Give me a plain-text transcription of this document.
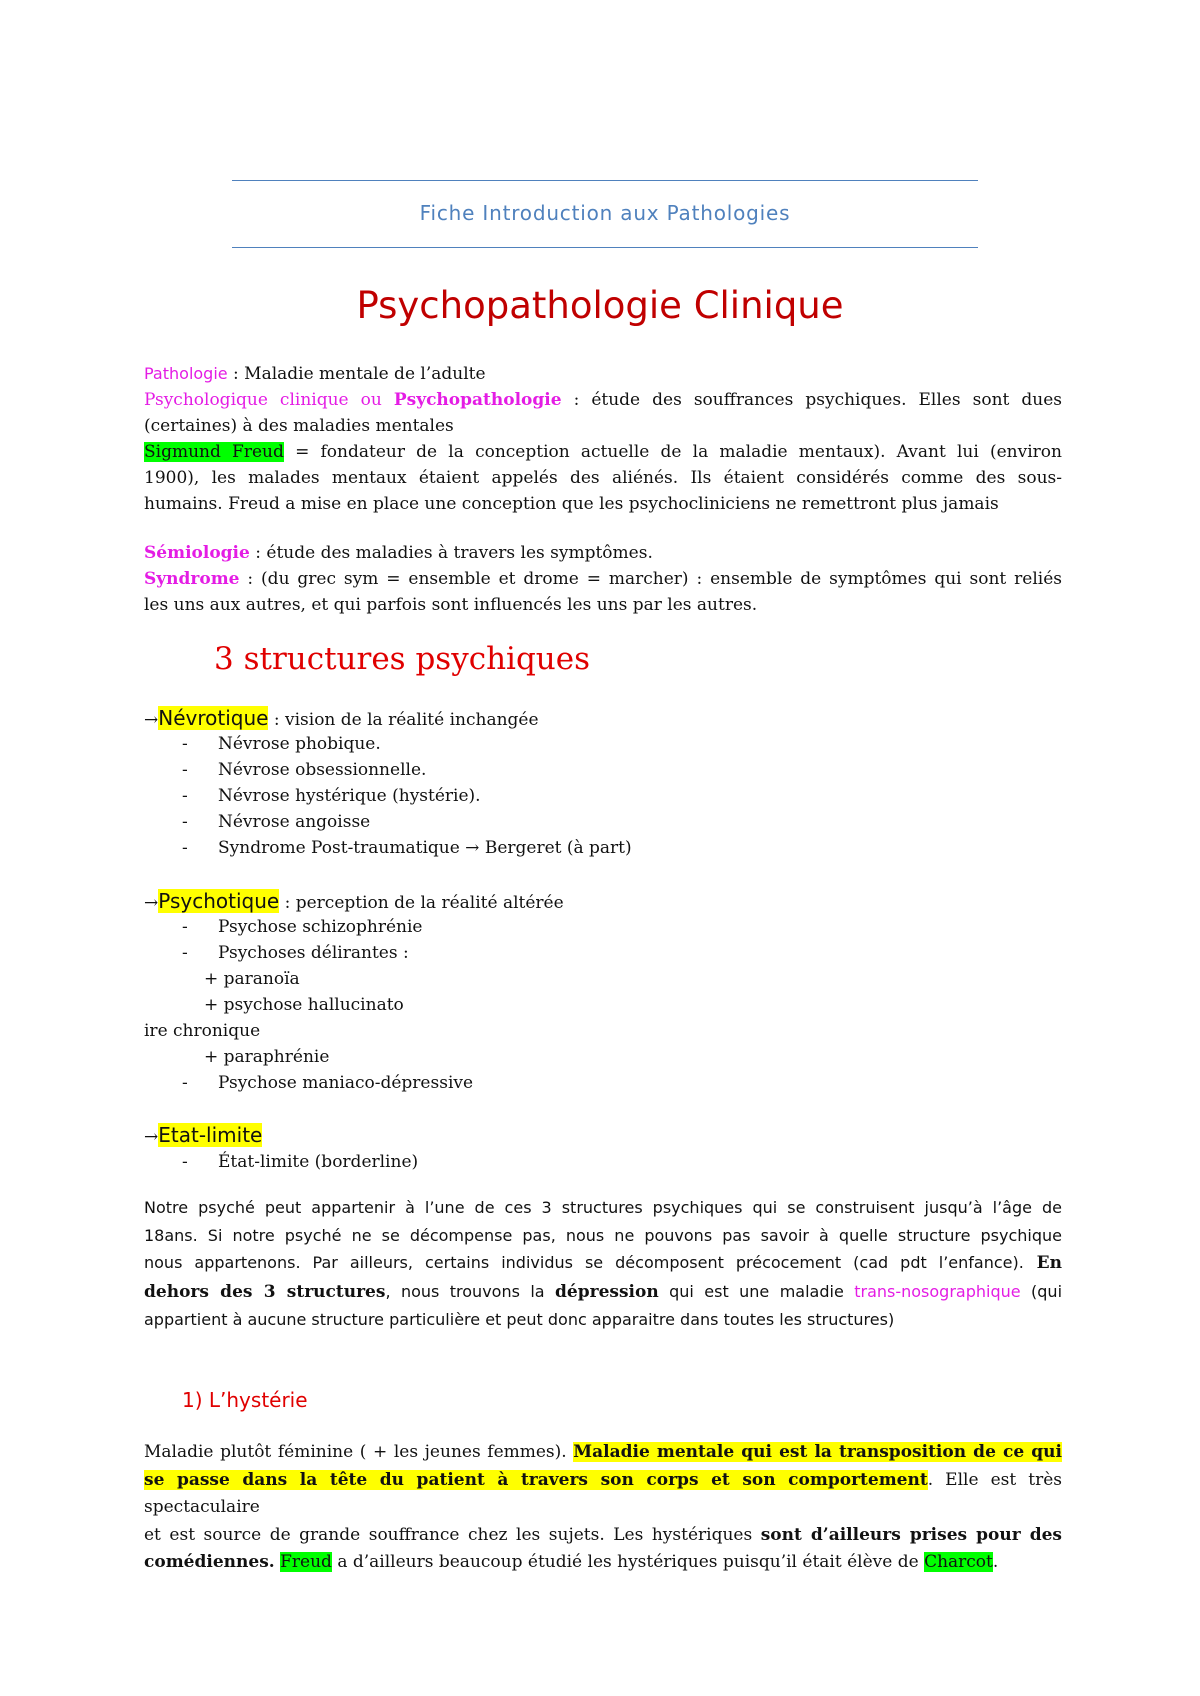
Fiche Introduction aux Pathologies
Psychopathologie Clinique
Pathologie : Maladie mentale de l’adulte
Psychologique clinique ou Psychopathologie : étude des souffrances psychiques. Elles sont dues
(certaines) à des maladies mentales
Sigmund Freud = fondateur de la conception actuelle de la maladie mentaux). Avant lui (environ
1900), les malades mentaux étaient appelés des aliénés. Ils étaient considérés comme des sous-
humains. Freud a mise en place une conception que les psychocliniciens ne remettront plus jamais
Sémiologie : étude des maladies à travers les symptômes.
Syndrome : (du grec sym = ensemble et drome = marcher) : ensemble de symptômes qui sont reliés
les uns aux autres, et qui parfois sont influencés les uns par les autres.
3 structures psychiques
→Névrotique : vision de la réalité inchangée
- Névrose phobique.
- Névrose obsessionnelle.
- Névrose hystérique (hystérie).
- Névrose angoisse
- Syndrome Post-traumatique → Bergeret (à part)
→Psychotique : perception de la réalité altérée
- Psychose schizophrénie
- Psychoses délirantes :
+ paranoïa
+ psychose hallucinato
ire chronique
+ paraphrénie
- Psychose maniaco-dépressive
→Etat-limite
- État-limite (borderline)
Notre psyché peut appartenir à l’une de ces 3 structures psychiques qui se construisent jusqu’à l’âge de
18ans. Si notre psyché ne se décompense pas, nous ne pouvons pas savoir à quelle structure psychique
nous appartenons. Par ailleurs, certains individus se décomposent précocement (cad pdt l’enfance). En
dehors des 3 structures, nous trouvons la dépression qui est une maladie trans-nosographique (qui
appartient à aucune structure particulière et peut donc apparaitre dans toutes les structures)
1) L’hystérie
Maladie plutôt féminine ( + les jeunes femmes). Maladie mentale qui est la transposition de ce qui
se passe dans la tête du patient à travers son corps et son comportement. Elle est très spectaculaire
et est source de grande souffrance chez les sujets. Les hystériques sont d’ailleurs prises pour des
comédiennes. Freud a d’ailleurs beaucoup étudié les hystériques puisqu’il était élève de Charcot.
